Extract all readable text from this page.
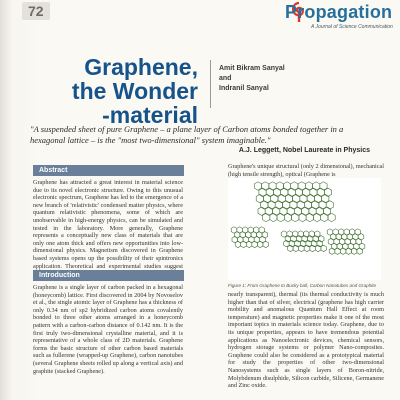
72	Propagation
A Journal of Science Communication
Graphene,
the Wonder
-material
Amit Bikram Sanyal
and
Indranil Sanyal
"A suspended sheet of pure Graphene – a plane layer of Carbon atoms bonded together in a hexagonal lattice – is the "most two-dimensional" system imaginable."
A.J. Leggett, Nobel Laureate in Physics
Abstract
Graphene has attracted a great interest in material science due to its novel electronic structure. Owing to this unusual electronic spectrum, Graphene has led to the emergence of a new branch of 'relativistic' condensed matter physics, where quantum relativistic phenomena, some of which are unobservable in high-energy physics, can be simulated and tested in the laboratory. More generally, Graphene represents a conceptually new class of materials that are only one atom thick and offers new opportunities into low-dimensional physics. Magnetism discovered in Graphene based systems opens up the possibility of their spintronics application. Theoretical and experimental studies suggest
Introduction
Graphene is a single layer of carbon packed in a hexagonal (honeycomb) lattice. First discovered in 2004 by Novoselov et al., the single atomic layer of Graphene has a thickness of only 0.34 nm of sp2 hybridized carbon atoms covalently bonded to three other atoms arranged in a honeycomb pattern with a carbon-carbon distance of 0.142 nm. It is the first truly two-dimensional crystalline material, and it is representative of a whole class of 2D materials. Graphene forms the basic structure of other carbon based materials such as fullerene (wrapped-up Graphene), carbon nanotubes (several Graphene sheets rolled up along a vertical axis) and graphite (stacked Graphene).
Graphene's unique structural (only 2 dimensional), mechanical (high tensile strength), optical (Graphene is
Figure 1: From Graphene to Bucky ball, Carbon Nanotubes and Graphite
nearly transparent), thermal (its thermal conductivity is much higher than that of silver, electrical (graphene has high carrier mobility and anomalous Quantum Hall Effect at room temperature) and magnetic properties make it one of the most important topics in materials science today. Graphene, due to its unique properties, appears to have tremendous potential applications as Nanoelectronic devices, chemical sensors, hydrogen storage systems or polymer Nano-composites. Graphene could also be considered as a prototypical material for study the properties of other two-dimensional Nanosystems such as single layers of Boron-nitride, Molybdenum disulphide, Silicon carbide, Silicene, Germanene and Zinc oxide.
